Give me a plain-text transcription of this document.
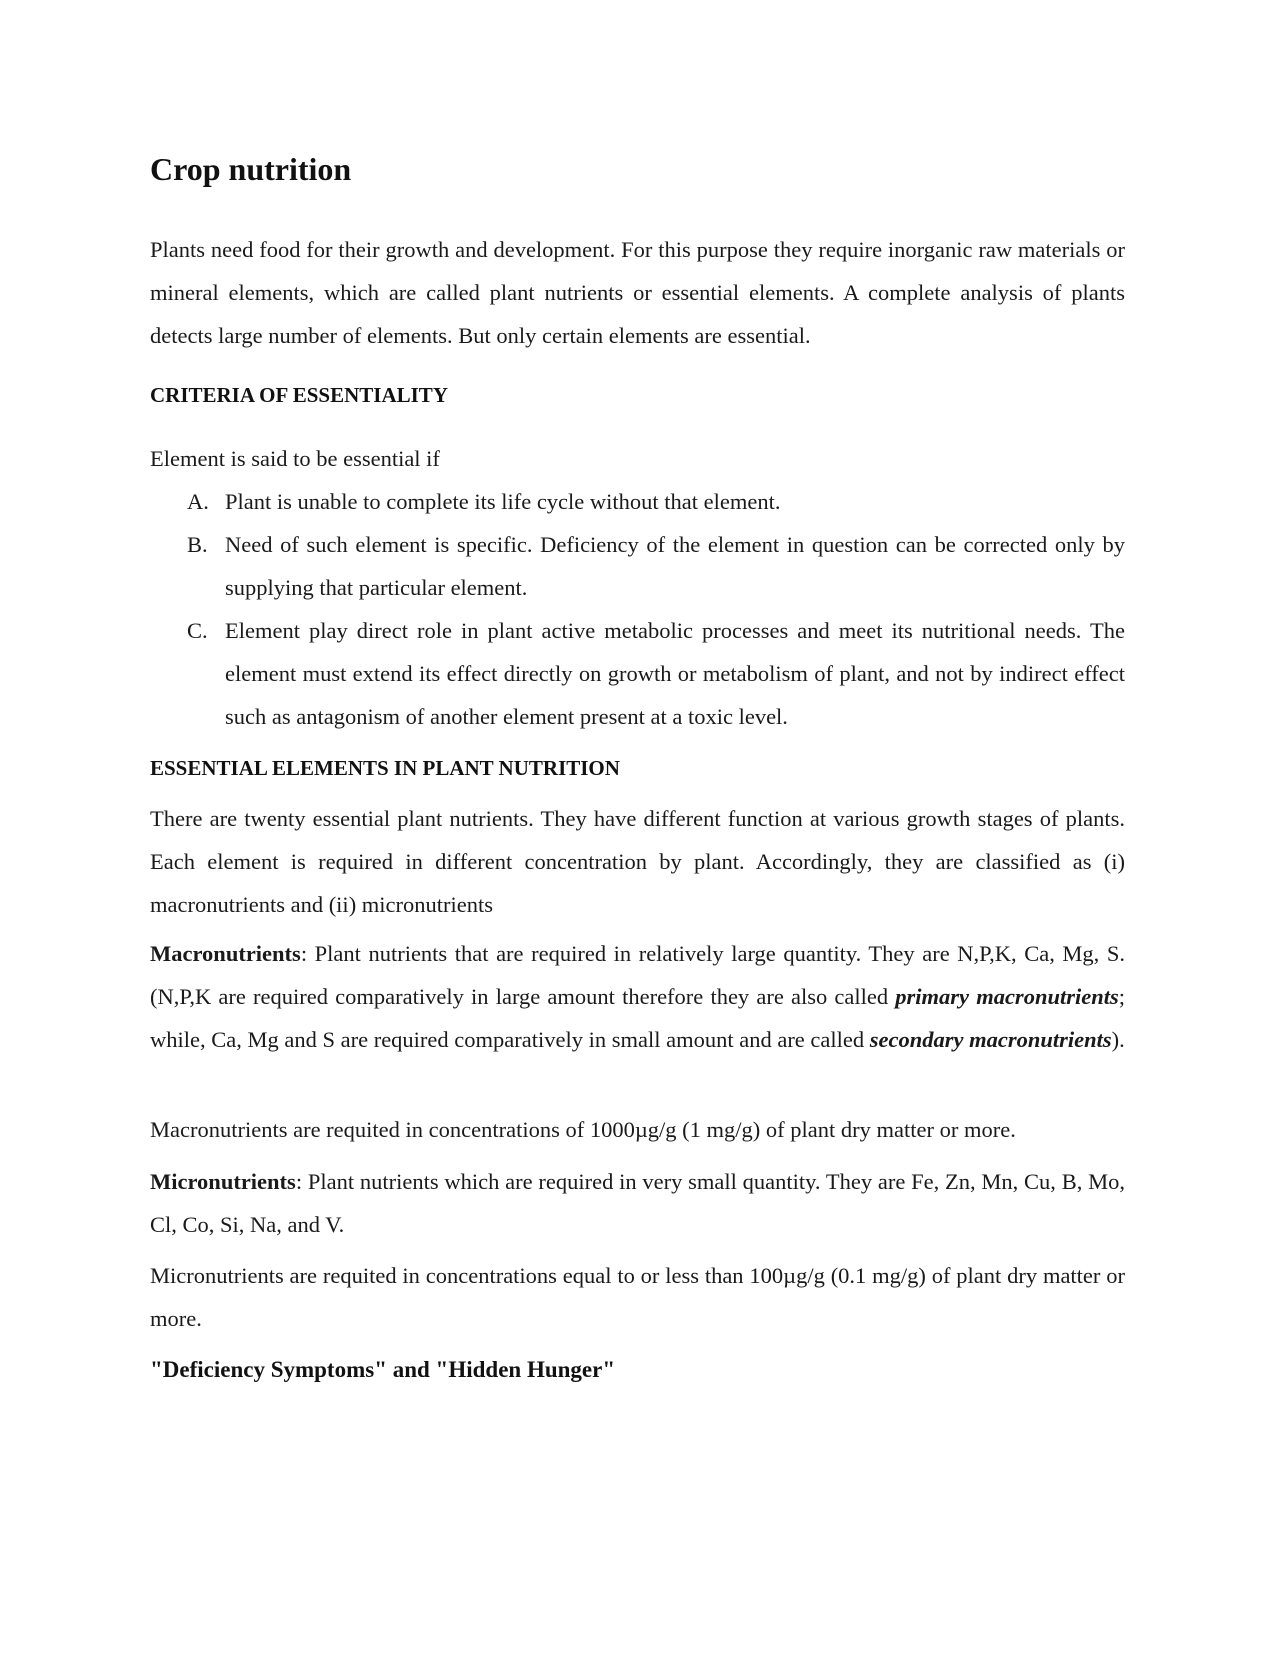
Crop nutrition

Plants need food for their growth and development. For this purpose they require inorganic raw materials or mineral elements, which are called plant nutrients or essential elements. A complete analysis of plants detects large number of elements. But only certain elements are essential.

CRITERIA OF ESSENTIALITY

Element is said to be essential if

A. Plant is unable to complete its life cycle without that element.
B. Need of such element is specific. Deficiency of the element in question can be corrected only by supplying that particular element.
C. Element play direct role in plant active metabolic processes and meet its nutritional needs. The element must extend its effect directly on growth or metabolism of plant, and not by indirect effect such as antagonism of another element present at a toxic level.
ESSENTIAL ELEMENTS IN PLANT NUTRITION

There are twenty essential plant nutrients. They have different function at various growth stages of plants. Each element is required in different concentration by plant. Accordingly, they are classified as (i) macronutrients and (ii) micronutrients

Macronutrients: Plant nutrients that are required in relatively large quantity. They are N,P,K, Ca, Mg, S. (N,P,K are required comparatively in large amount therefore they are also called primary macronutrients; while, Ca, Mg and S are required comparatively in small amount and are called secondary macronutrients).

Macronutrients are requited in concentrations of 1000µg/g (1 mg/g) of plant dry matter or more.

Micronutrients: Plant nutrients which are required in very small quantity. They are Fe, Zn, Mn, Cu, B, Mo, Cl, Co, Si, Na, and V.

Micronutrients are requited in concentrations equal to or less than 100µg/g (0.1 mg/g) of plant dry matter or more.

"Deficiency Symptoms" and "Hidden Hunger"
